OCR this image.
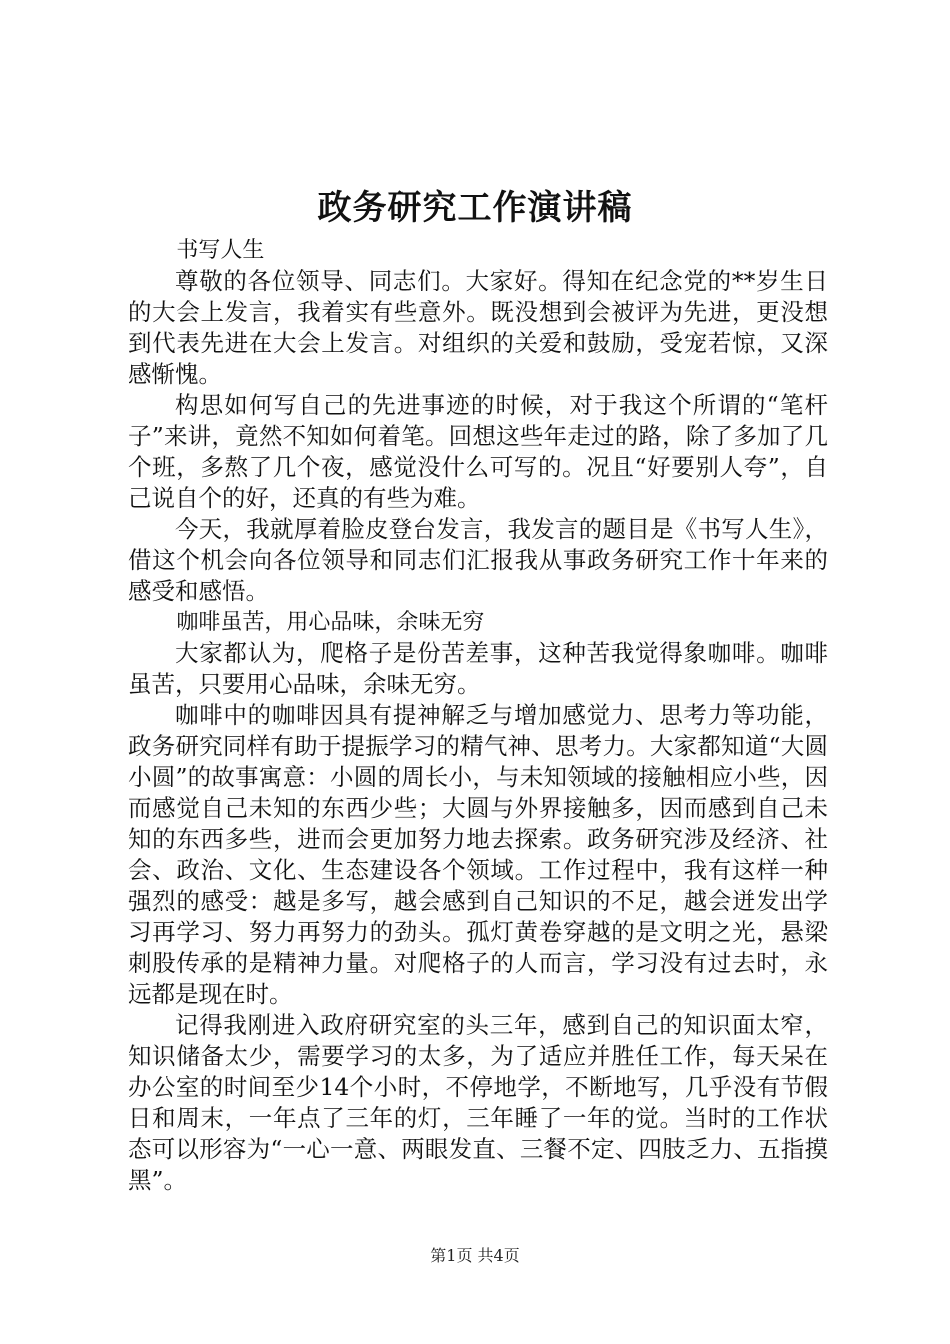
政务研究工作演讲稿

书写人生

尊敬的各位领导、同志们。大家好。得知在纪念党的**岁生日的大会上发言，我着实有些意外。既没想到会被评为先进，更没想到代表先进在大会上发言。对组织的关爱和鼓励，受宠若惊，又深感惭愧。

构思如何写自己的先进事迹的时候，对于我这个所谓的“笔杆子”来讲，竟然不知如何着笔。回想这些年走过的路，除了多加了几个班，多熬了几个夜，感觉没什么可写的。况且“好要别人夸”，自己说自个的好，还真的有些为难。

今天，我就厚着脸皮登台发言，我发言的题目是《书写人生》，借这个机会向各位领导和同志们汇报我从事政务研究工作十年来的感受和感悟。

咖啡虽苦，用心品味，余味无穷

大家都认为，爬格子是份苦差事，这种苦我觉得象咖啡。咖啡虽苦，只要用心品味，余味无穷。

咖啡中的咖啡因具有提神解乏与增加感觉力、思考力等功能，政务研究同样有助于提振学习的精气神、思考力。大家都知道“大圆小圆”的故事寓意：小圆的周长小，与未知领域的接触相应小些，因而感觉自己未知的东西少些；大圆与外界接触多，因而感到自己未知的东西多些，进而会更加努力地去探索。政务研究涉及经济、社会、政治、文化、生态建设各个领域。工作过程中，我有这样一种强烈的感受：越是多写，越会感到自己知识的不足，越会迸发出学习再学习、努力再努力的劲头。孤灯黄卷穿越的是文明之光，悬梁刺股传承的是精神力量。对爬格子的人而言，学习没有过去时，永远都是现在时。

记得我刚进入政府研究室的头三年，感到自己的知识面太窄，知识储备太少，需要学习的太多，为了适应并胜任工作，每天呆在办公室的时间至少14个小时，不停地学，不断地写，几乎没有节假日和周末，一年点了三年的灯，三年睡了一年的觉。当时的工作状态可以形容为“一心一意、两眼发直、三餐不定、四肢乏力、五指摸黑”。

第1页 共4页
